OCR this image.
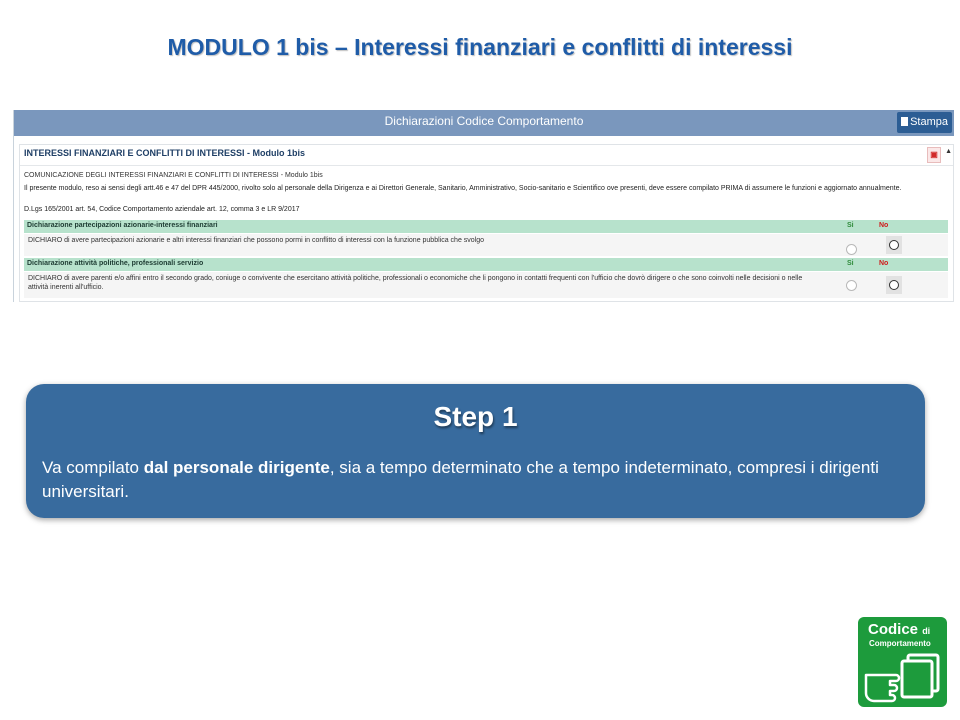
MODULO 1 bis – Interessi finanziari e conflitti di interessi
Dichiarazioni Codice Comportamento	Stampa
INTERESSI FINANZIARI E CONFLITTI DI INTERESSI - Modulo 1bis	▣	▲
COMUNICAZIONE DEGLI INTERESSI FINANZIARI E CONFLITTI DI INTERESSI - Modulo 1bis
Il presente modulo, reso ai sensi degli artt.46 e 47 del DPR 445/2000, rivolto solo al personale della Dirigenza e ai Direttori Generale, Sanitario, Amministrativo, Socio-sanitario e Scientifico ove presenti, deve essere compilato PRIMA di assumere le funzioni e aggiornato annualmente.
D.Lgs 165/2001 art. 54, Codice Comportamento aziendale art. 12, comma 3 e LR 9/2017
Dichiarazione partecipazioni azionarie-interessi finanziari	Si	No
DICHIARO di avere partecipazioni azionarie e altri interessi finanziari che possono pormi in conflitto di interessi con la funzione pubblica che svolgo
Dichiarazione attività politiche, professionali servizio	Si	No
DICHIARO di avere parenti e/o affini entro il secondo grado, coniuge o convivente che esercitano attività politiche, professionali o economiche che li pongono in contatti frequenti con l'ufficio che dovrò dirigere o che sono coinvolti nelle decisioni o nelle attività inerenti all'ufficio.
Step 1
Va compilato dal personale dirigente, sia a tempo determinato che a tempo indeterminato, compresi i dirigenti universitari.
Codice di
Comportamento
